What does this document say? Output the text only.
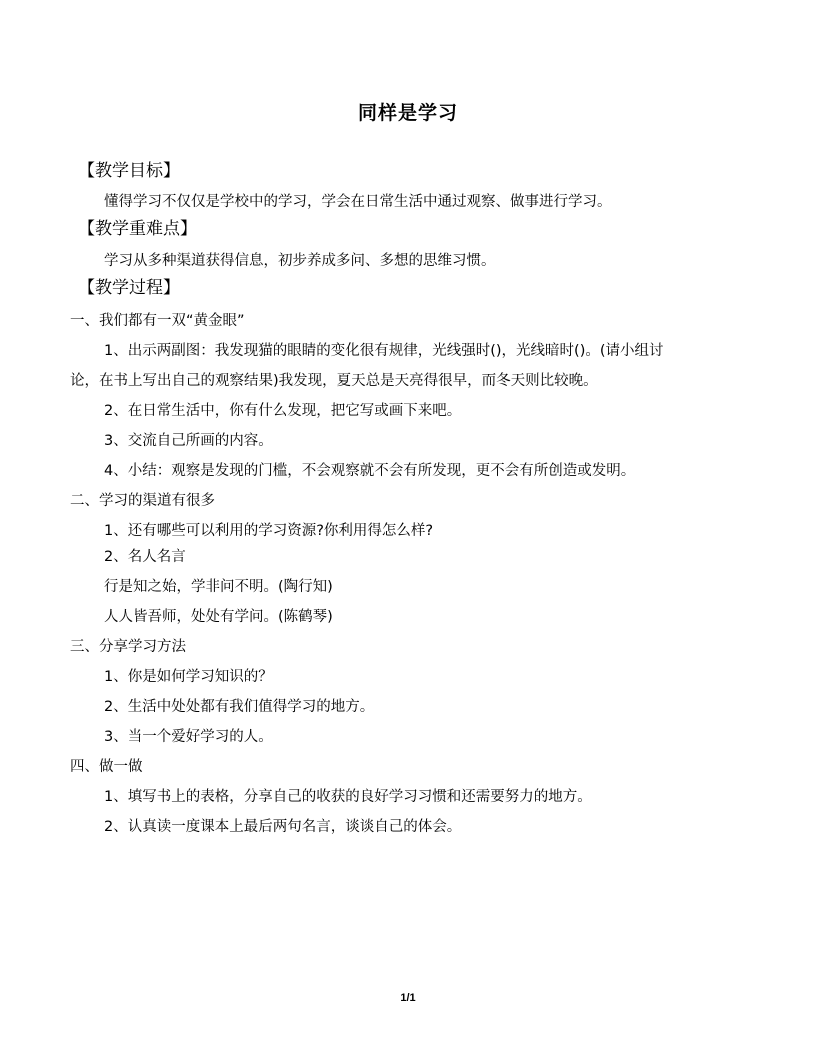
同样是学习
【教学目标】
懂得学习不仅仅是学校中的学习，学会在日常生活中通过观察、做事进行学习。
【教学重难点】
学习从多种渠道获得信息，初步养成多问、多想的思维习惯。
【教学过程】
一、我们都有一双“黄金眼”
1、出示两副图：我发现猫的眼睛的变化很有规律，光线强时()，光线暗时()。(请小组讨
论，在书上写出自己的观察结果)我发现，夏天总是天亮得很早，而冬天则比较晚。
2、在日常生活中，你有什么发现，把它写或画下来吧。
3、交流自己所画的内容。
4、小结：观察是发现的门槛，不会观察就不会有所发现，更不会有所创造或发明。
二、学习的渠道有很多
1、还有哪些可以利用的学习资源?你利用得怎么样?
2、名人名言
行是知之始，学非问不明。(陶行知)
人人皆吾师，处处有学问。(陈鹤琴)
三、分享学习方法
1、你是如何学习知识的？
2、生活中处处都有我们值得学习的地方。
3、当一个爱好学习的人。
四、做一做
1、填写书上的表格，分享自己的收获的良好学习习惯和还需要努力的地方。
2、认真读一度课本上最后两句名言，谈谈自己的体会。
1/1
